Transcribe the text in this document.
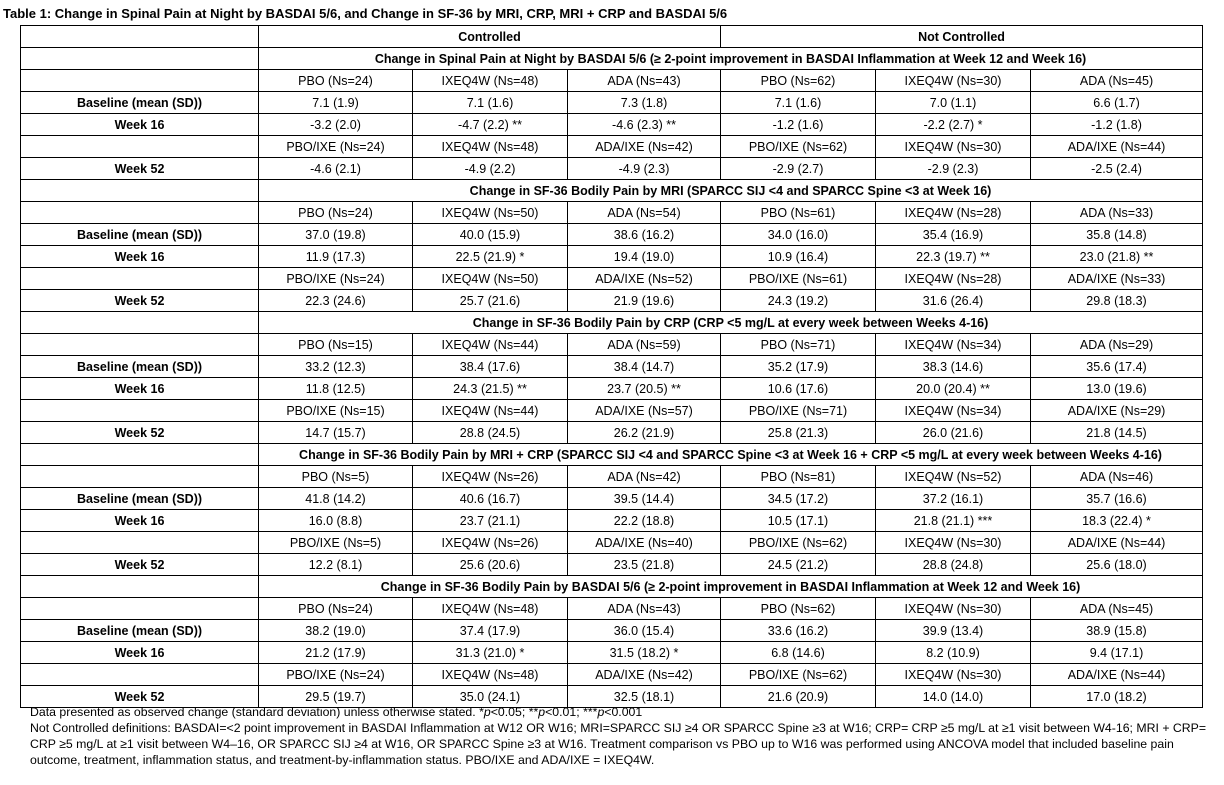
Table 1: Change in Spinal Pain at Night by BASDAI 5/6, and Change in SF-36 by MRI, CRP, MRI + CRP and BASDAI 5/6
	Controlled			Not Controlled		
	Change in Spinal Pain at Night by BASDAI 5/6 (≥ 2-point improvement in BASDAI Inflammation at Week 12 and Week 16)					
	PBO (Ns=24)	IXEQ4W (Ns=48)	ADA (Ns=43)	PBO (Ns=62)	IXEQ4W (Ns=30)	ADA (Ns=45)
Baseline (mean (SD))	7.1 (1.9)	7.1 (1.6)	7.3 (1.8)	7.1 (1.6)	7.0 (1.1)	6.6 (1.7)
Week 16	-3.2 (2.0)	-4.7 (2.2) **	-4.6 (2.3) **	-1.2 (1.6)	-2.2 (2.7) *	-1.2 (1.8)
	PBO/IXE (Ns=24)	IXEQ4W (Ns=48)	ADA/IXE (Ns=42)	PBO/IXE (Ns=62)	IXEQ4W (Ns=30)	ADA/IXE (Ns=44)
Week 52	-4.6 (2.1)	-4.9 (2.2)	-4.9 (2.3)	-2.9 (2.7)	-2.9 (2.3)	-2.5 (2.4)
	Change in SF-36 Bodily Pain by MRI (SPARCC SIJ <4 and SPARCC Spine <3 at Week 16)					
	PBO (Ns=24)	IXEQ4W (Ns=50)	ADA (Ns=54)	PBO (Ns=61)	IXEQ4W (Ns=28)	ADA (Ns=33)
Baseline (mean (SD))	37.0 (19.8)	40.0 (15.9)	38.6 (16.2)	34.0 (16.0)	35.4 (16.9)	35.8 (14.8)
Week 16	11.9 (17.3)	22.5 (21.9) *	19.4 (19.0)	10.9 (16.4)	22.3 (19.7) **	23.0 (21.8) **
	PBO/IXE (Ns=24)	IXEQ4W (Ns=50)	ADA/IXE (Ns=52)	PBO/IXE (Ns=61)	IXEQ4W (Ns=28)	ADA/IXE (Ns=33)
Week 52	22.3 (24.6)	25.7 (21.6)	21.9 (19.6)	24.3 (19.2)	31.6 (26.4)	29.8 (18.3)
	Change in SF-36 Bodily Pain by CRP (CRP <5 mg/L at every week between Weeks 4-16)					
	PBO (Ns=15)	IXEQ4W (Ns=44)	ADA (Ns=59)	PBO (Ns=71)	IXEQ4W (Ns=34)	ADA (Ns=29)
Baseline (mean (SD))	33.2 (12.3)	38.4 (17.6)	38.4 (14.7)	35.2 (17.9)	38.3 (14.6)	35.6 (17.4)
Week 16	11.8 (12.5)	24.3 (21.5) **	23.7 (20.5) **	10.6 (17.6)	20.0 (20.4) **	13.0 (19.6)
	PBO/IXE (Ns=15)	IXEQ4W (Ns=44)	ADA/IXE (Ns=57)	PBO/IXE (Ns=71)	IXEQ4W (Ns=34)	ADA/IXE (Ns=29)
Week 52	14.7 (15.7)	28.8 (24.5)	26.2 (21.9)	25.8 (21.3)	26.0 (21.6)	21.8 (14.5)
	Change in SF-36 Bodily Pain by MRI + CRP (SPARCC SIJ <4 and SPARCC Spine <3 at Week 16 + CRP <5 mg/L at every week between Weeks 4-16)					
	PBO (Ns=5)	IXEQ4W (Ns=26)	ADA (Ns=42)	PBO (Ns=81)	IXEQ4W (Ns=52)	ADA (Ns=46)
Baseline (mean (SD))	41.8 (14.2)	40.6 (16.7)	39.5 (14.4)	34.5 (17.2)	37.2 (16.1)	35.7 (16.6)
Week 16	16.0 (8.8)	23.7 (21.1)	22.2 (18.8)	10.5 (17.1)	21.8 (21.1) ***	18.3 (22.4) *
	PBO/IXE (Ns=5)	IXEQ4W (Ns=26)	ADA/IXE (Ns=40)	PBO/IXE (Ns=62)	IXEQ4W (Ns=30)	ADA/IXE (Ns=44)
Week 52	12.2 (8.1)	25.6 (20.6)	23.5 (21.8)	24.5 (21.2)	28.8 (24.8)	25.6 (18.0)
	Change in SF-36 Bodily Pain by BASDAI 5/6 (≥ 2-point improvement in BASDAI Inflammation at Week 12 and Week 16)					
	PBO (Ns=24)	IXEQ4W (Ns=48)	ADA (Ns=43)	PBO (Ns=62)	IXEQ4W (Ns=30)	ADA (Ns=45)
Baseline (mean (SD))	38.2 (19.0)	37.4 (17.9)	36.0 (15.4)	33.6 (16.2)	39.9 (13.4)	38.9 (15.8)
Week 16	21.2 (17.9)	31.3 (21.0) *	31.5 (18.2) *	6.8 (14.6)	8.2 (10.9)	9.4 (17.1)
	PBO/IXE (Ns=24)	IXEQ4W (Ns=48)	ADA/IXE (Ns=42)	PBO/IXE (Ns=62)	IXEQ4W (Ns=30)	ADA/IXE (Ns=44)
Week 52	29.5 (19.7)	35.0 (24.1)	32.5 (18.1)	21.6 (20.9)	14.0 (14.0)	17.0 (18.2)

Data presented as observed change (standard deviation) unless otherwise stated. *p<0.05; **p<0.01; ***p<0.001

Not Controlled definitions: BASDAI=<2 point improvement in BASDAI Inflammation at W12 OR W16; MRI=SPARCC SIJ ≥4 OR SPARCC Spine ≥3 at W16; CRP= CRP ≥5 mg/L at ≥1 visit between W4-16; MRI + CRP= CRP ≥5 mg/L at ≥1 visit between W4–16, OR SPARCC SIJ ≥4 at W16, OR SPARCC Spine ≥3 at W16. Treatment comparison vs PBO up to W16 was performed using ANCOVA model that included baseline pain outcome, treatment, inflammation status, and treatment-by-inflammation status. PBO/IXE and ADA/IXE = IXEQ4W.
